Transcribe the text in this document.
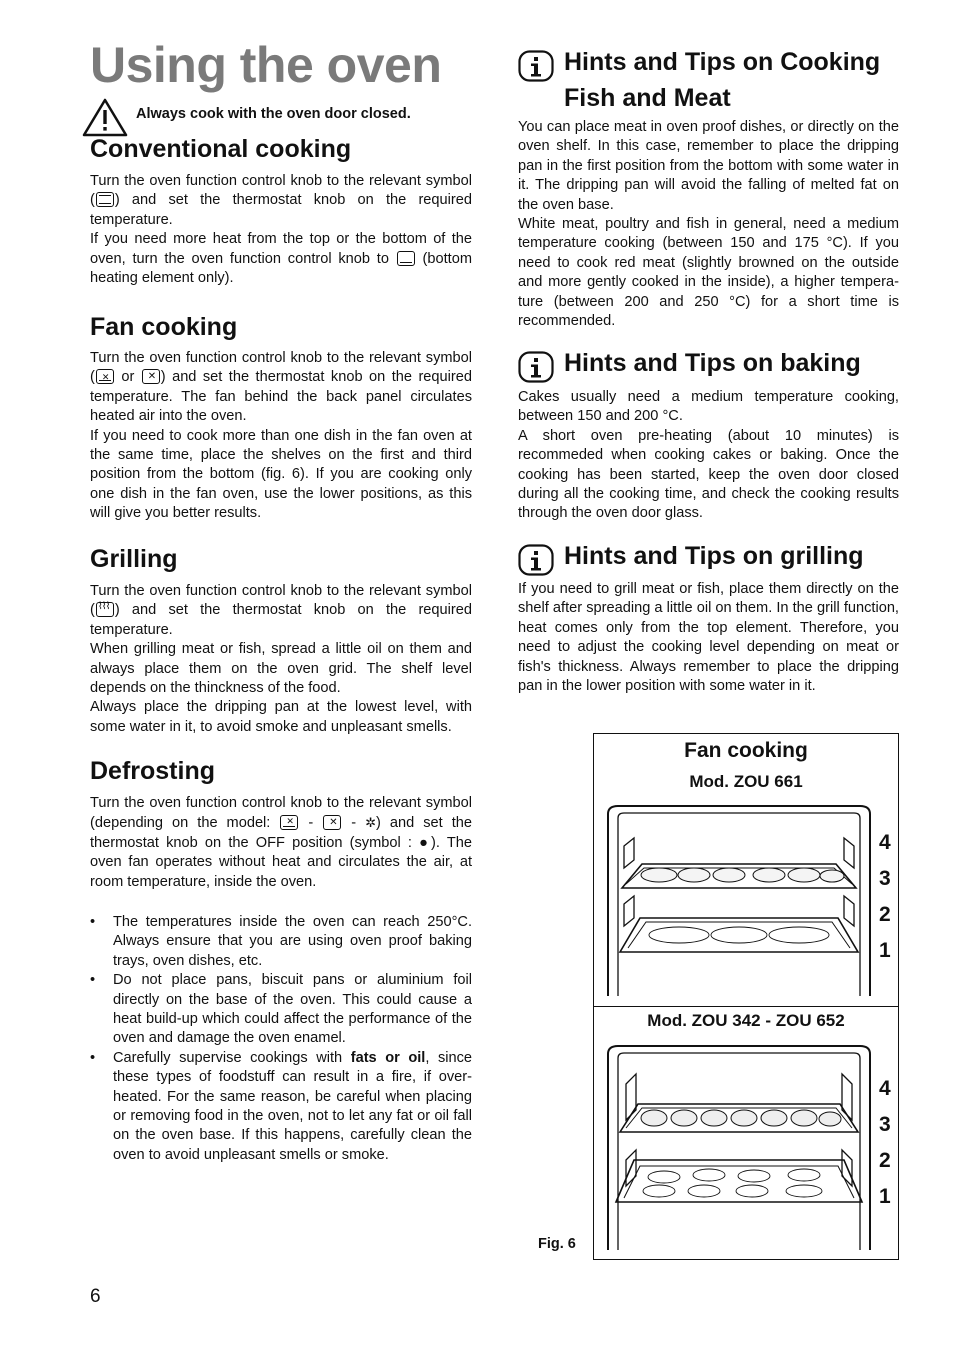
Using the oven
Always cook with the oven door closed.
Conventional cooking

Turn the oven function control knob to the relevant symbol ( ) and set the thermostat knob on the required temperature.

If you need more heat from the top or the bottom of the oven, turn the oven function control knob to
(bottom heating element only).

Fan cooking

Turn the oven function control knob to the relevant symbol ( ✕ or ✕ ) and set the thermostat knob on the required temperature. The fan behind the back panel circulates heated air into the oven.

If you need to cook more than one dish in the fan oven at the same time, place the shelves on the first and third position from the bottom (fig. 6). If you are cooking only one dish in the fan oven, use the lower positions, as this will give you better results.

Grilling

Turn the oven function control knob to the relevant symbol ( ⌇⌇⌇ ) and set the thermostat knob on the required temperature.

When grilling meat or fish, spread a little oil on them and always place them on the oven grid. The shelf level depends on the thinckness of the food.

Always place the dripping pan at the lowest level, with some water in it, to avoid smoke and unpleasant smells.

Defrosting

Turn the oven function control knob to the relevant symbol (depending on the model: ✕ - ✕ - ✲) and set the thermostat knob on the OFF position (symbol : ●). The oven fan operates without heat and circulates the air, at room temperature, inside the oven.

• The temperatures inside the oven can reach 250°C. Always ensure that you are using oven proof baking trays, oven dishes, etc.
• Do not place pans, biscuit pans or aluminium foil directly on the base of the oven. This could cause a heat build-up which could affect the performance of the oven and damage the oven enamel.
• Carefully supervise cookings with fats or oil, since these types of foodstuff can result in a fire, if over-heated. For the same reason, be careful when placing or removing food in the oven, not to let any fat or oil fall on the oven base. If this happens, carefully clean the oven to avoid unpleasant smells or smoke.
Hints and Tips on Cooking
Fish and Meat

You can place meat in oven proof dishes, or directly on the oven shelf. In this case, remember to place the dripping pan in the first position from the bottom with some water in it. The dripping pan will avoid the falling of melted fat on the oven base.

White meat, poultry and fish in general, need a medium temperature cooking (between 150 and 175 °C). If you need to cook red meat (slightly browned on the outside and more gently cooked in the inside), a higher tempera-ture (between 200 and 250 °C) for a short time is recommended.

Hints and Tips on baking

Cakes usually need a medium temperature cooking, between 150 and 200 °C.

A short oven pre-heating (about 10 minutes) is recommeded when cooking cakes or baking. Once the cooking has been started, keep the oven door closed during all the cooking time, and check the cooking results through the oven door glass.

Hints and Tips on grilling

If you need to grill meat or fish, place them directly on the shelf after spreading a little oil on them. In the grill function, heat comes only from the top element. Therefore, you need to adjust the cooking level depending on meat or fish's thickness. Always remember to place the dripping pan in the lower position with some water in it.

Fan cooking
Mod. ZOU 661
4
3
2
1
Mod. ZOU 342 - ZOU 652
4
3
2
1
Fig. 6
6
